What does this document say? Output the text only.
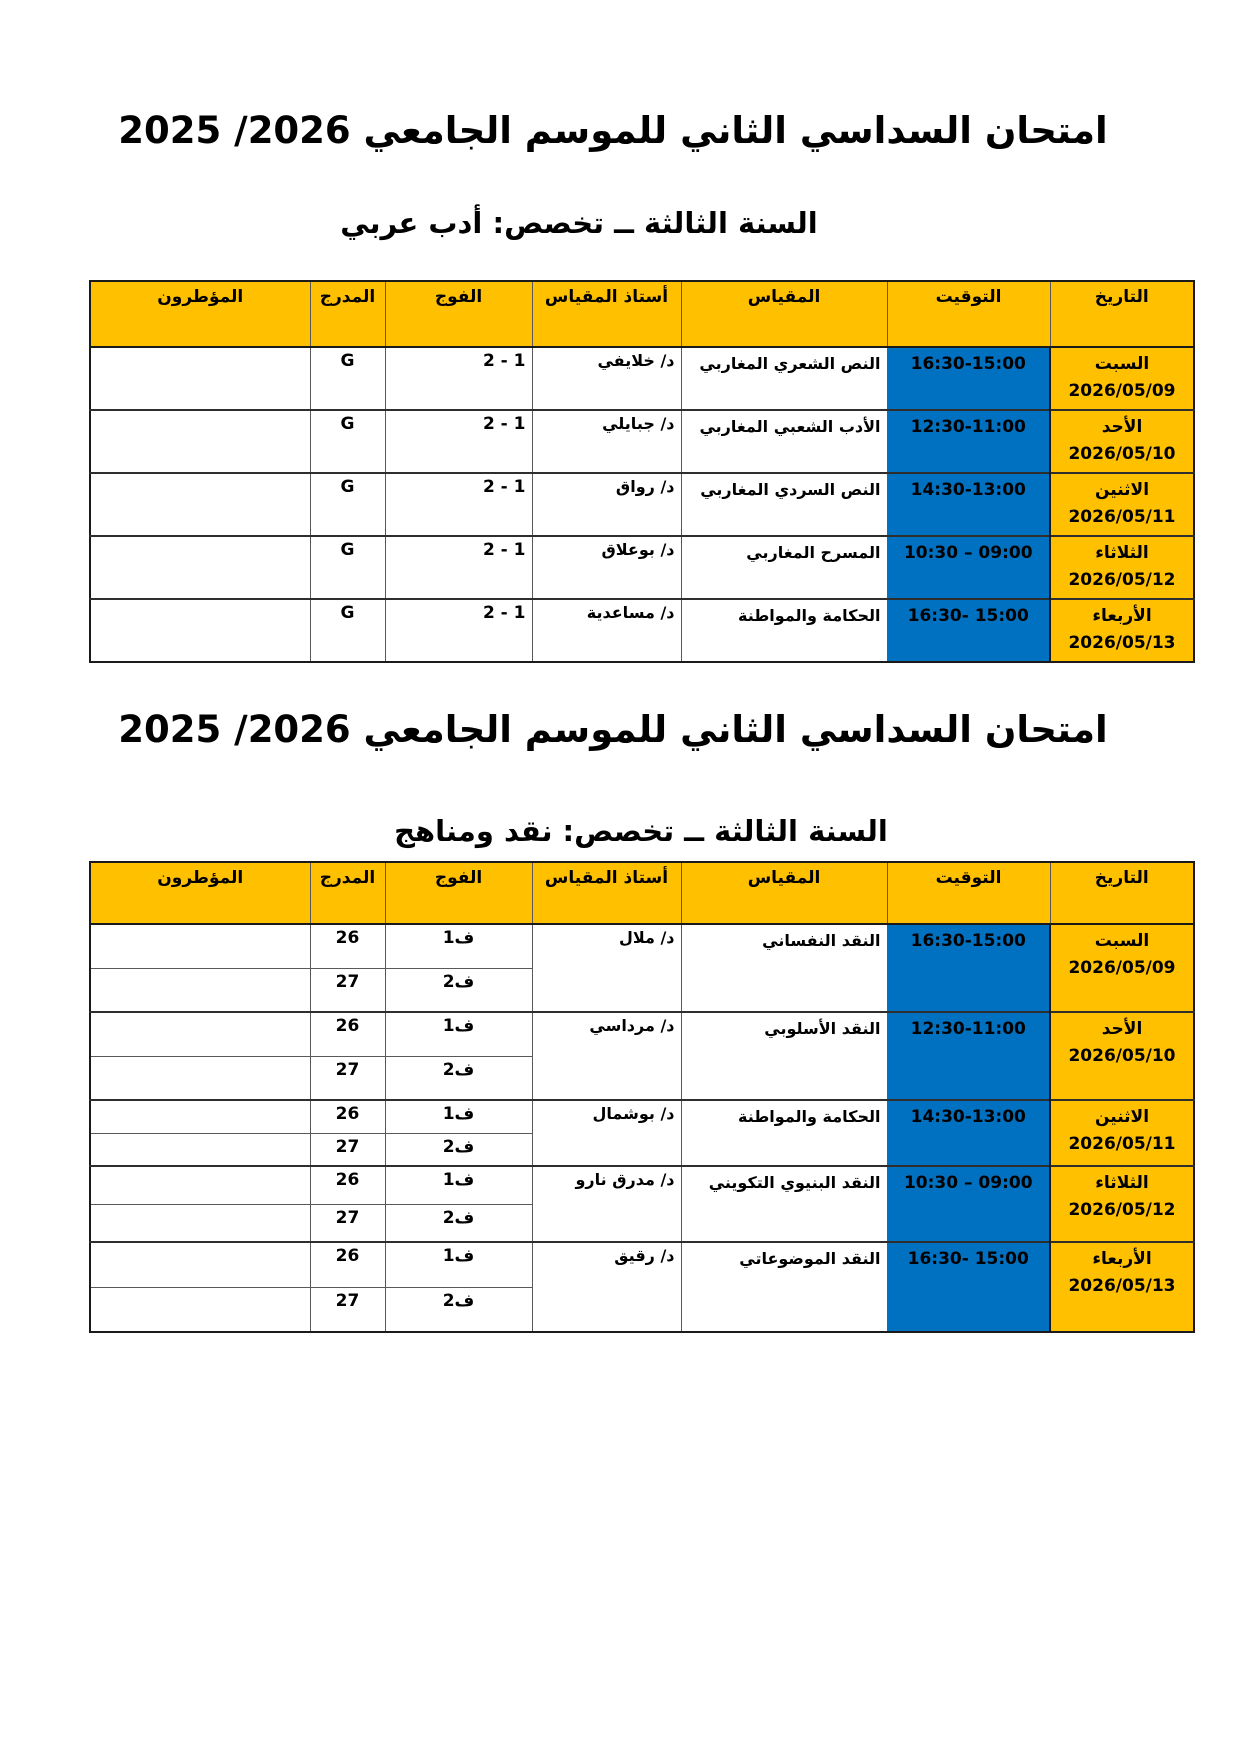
امتحان السداسي الثاني للموسم الجامعي 2026/ 2025
السنة الثالثة ــ تخصص: أدب عربي
التاريخ	التوقيت	المقياس	أستاذ المقياس	الفوج	المدرج	المؤطرون

السبت
2026/05/09	16:30-15:00	النص الشعري المغاربي	د/ خلايفي	2 - 1	G	

الأحد
2026/05/10	12:30-11:00	الأدب الشعبي المغاربي	د/ جبايلي	2 - 1	G	

الاثنين
2026/05/11	14:30-13:00	النص السردي المغاربي	د/ رواق	2 - 1	G	

الثلاثاء
2026/05/12	10:30 – 09:00	المسرح المغاربي	د/ بوعلاق	2 - 1	G	

الأربعاء
2026/05/13	16:30- 15:00	الحكامة والمواطنة	د/ مساعدية	2 - 1	G	
امتحان السداسي الثاني للموسم الجامعي 2026/ 2025
السنة الثالثة ــ تخصص: نقد ومناهج
التاريخ	التوقيت	المقياس	أستاذ المقياس	الفوج	المدرج	المؤطرون

السبت
2026/05/09	16:30-15:00	النقد النفساني	د/ ملال	ف1	26	
				ف2	27	

الأحد
2026/05/10	12:30-11:00	النقد الأسلوبي	د/ مرداسي	ف1	26	
				ف2	27	

الاثنين
2026/05/11	14:30-13:00	الحكامة والمواطنة	د/ بوشمال	ف1	26	
				ف2	27	

الثلاثاء
2026/05/12	10:30 – 09:00	النقد البنيوي التكويني	د/ مدرق نارو	ف1	26	
				ف2	27	

الأربعاء
2026/05/13	16:30- 15:00	النقد الموضوعاتي	د/ رقيق	ف1	26	
				ف2	27	
